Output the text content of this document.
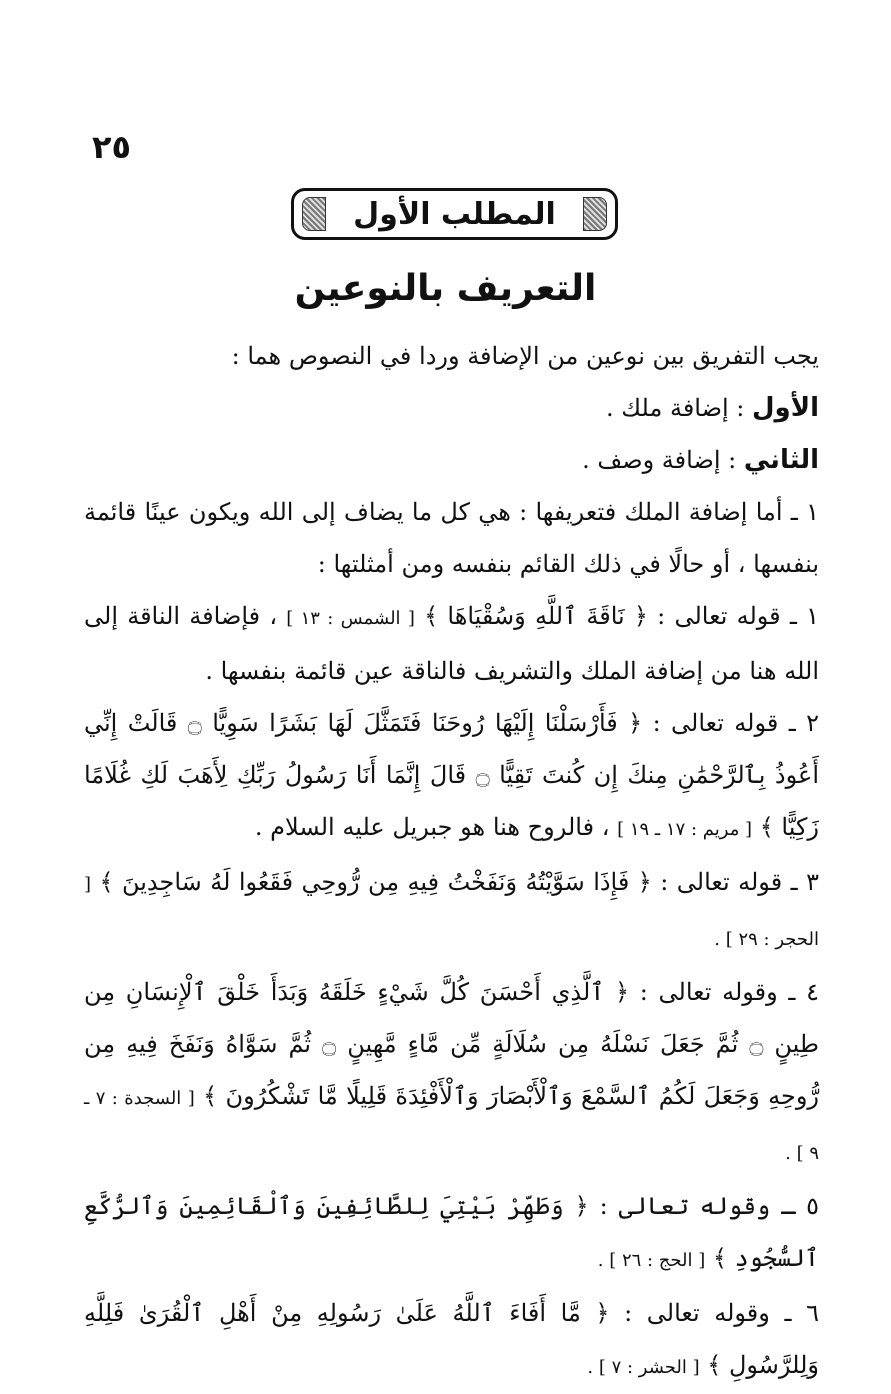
٢٥
المطلب الأول
التعريف بالنوعين

يجب التفريق بين نوعين من الإضافة وردا في النصوص هما :

الأول : إضافة ملك .

الثاني : إضافة وصف .

١ ـ أما إضافة الملك فتعريفها : هي كل ما يضاف إلى الله ويكون عينًا قائمة بنفسها ، أو حالًا في ذلك القائم بنفسه ومن أمثلتها :

١ ـ قوله تعالى : ﴿ نَاقَةَ ٱللَّهِ وَسُقْيَاهَا ﴾ [ الشمس : ١٣ ] ، فإضافة الناقة إلى الله هنا من إضافة الملك والتشريف فالناقة عين قائمة بنفسها .

٢ ـ قوله تعالى : ﴿ فَأَرْسَلْنَا إِلَيْهَا رُوحَنَا فَتَمَثَّلَ لَهَا بَشَرًا سَوِيًّا ۝ قَالَتْ إِنِّي أَعُوذُ بِٱلرَّحْمَٰنِ مِنكَ إِن كُنتَ تَقِيًّا ۝ قَالَ إِنَّمَا أَنَا رَسُولُ رَبِّكِ لِأَهَبَ لَكِ غُلَامًا زَكِيًّا ﴾ [ مريم : ١٧ ـ ١٩ ] ، فالروح هنا هو جبريل عليه السلام .

٣ ـ قوله تعالى : ﴿ فَإِذَا سَوَّيْتُهُ وَنَفَخْتُ فِيهِ مِن رُّوحِي فَقَعُوا لَهُ سَاجِدِينَ ﴾ [ الحجر : ٢٩ ] .

٤ ـ وقوله تعالى : ﴿ ٱلَّذِي أَحْسَنَ كُلَّ شَيْءٍ خَلَقَهُ وَبَدَأَ خَلْقَ ٱلْإِنسَانِ مِن طِينٍ ۝ ثُمَّ جَعَلَ نَسْلَهُ مِن سُلَالَةٍ مِّن مَّاءٍ مَّهِينٍ ۝ ثُمَّ سَوَّاهُ وَنَفَخَ فِيهِ مِن رُّوحِهِ وَجَعَلَ لَكُمُ ٱلسَّمْعَ وَٱلْأَبْصَارَ وَٱلْأَفْئِدَةَ قَلِيلًا مَّا تَشْكُرُونَ ﴾ [ السجدة : ٧ ـ ٩ ] .

٥ ـ وقوله تعالى : ﴿ وَطَهِّرْ بَيْتِيَ لِلطَّائِفِينَ وَٱلْقَائِمِينَ وَٱلرُّكَّعِ ٱلسُّجُودِ ﴾ [ الحج : ٢٦ ] .

٦ ـ وقوله تعالى : ﴿ مَّا أَفَاءَ ٱللَّهُ عَلَىٰ رَسُولِهِ مِنْ أَهْلِ ٱلْقُرَىٰ فَلِلَّهِ وَلِلرَّسُولِ ﴾ [ الحشر : ٧ ] .
